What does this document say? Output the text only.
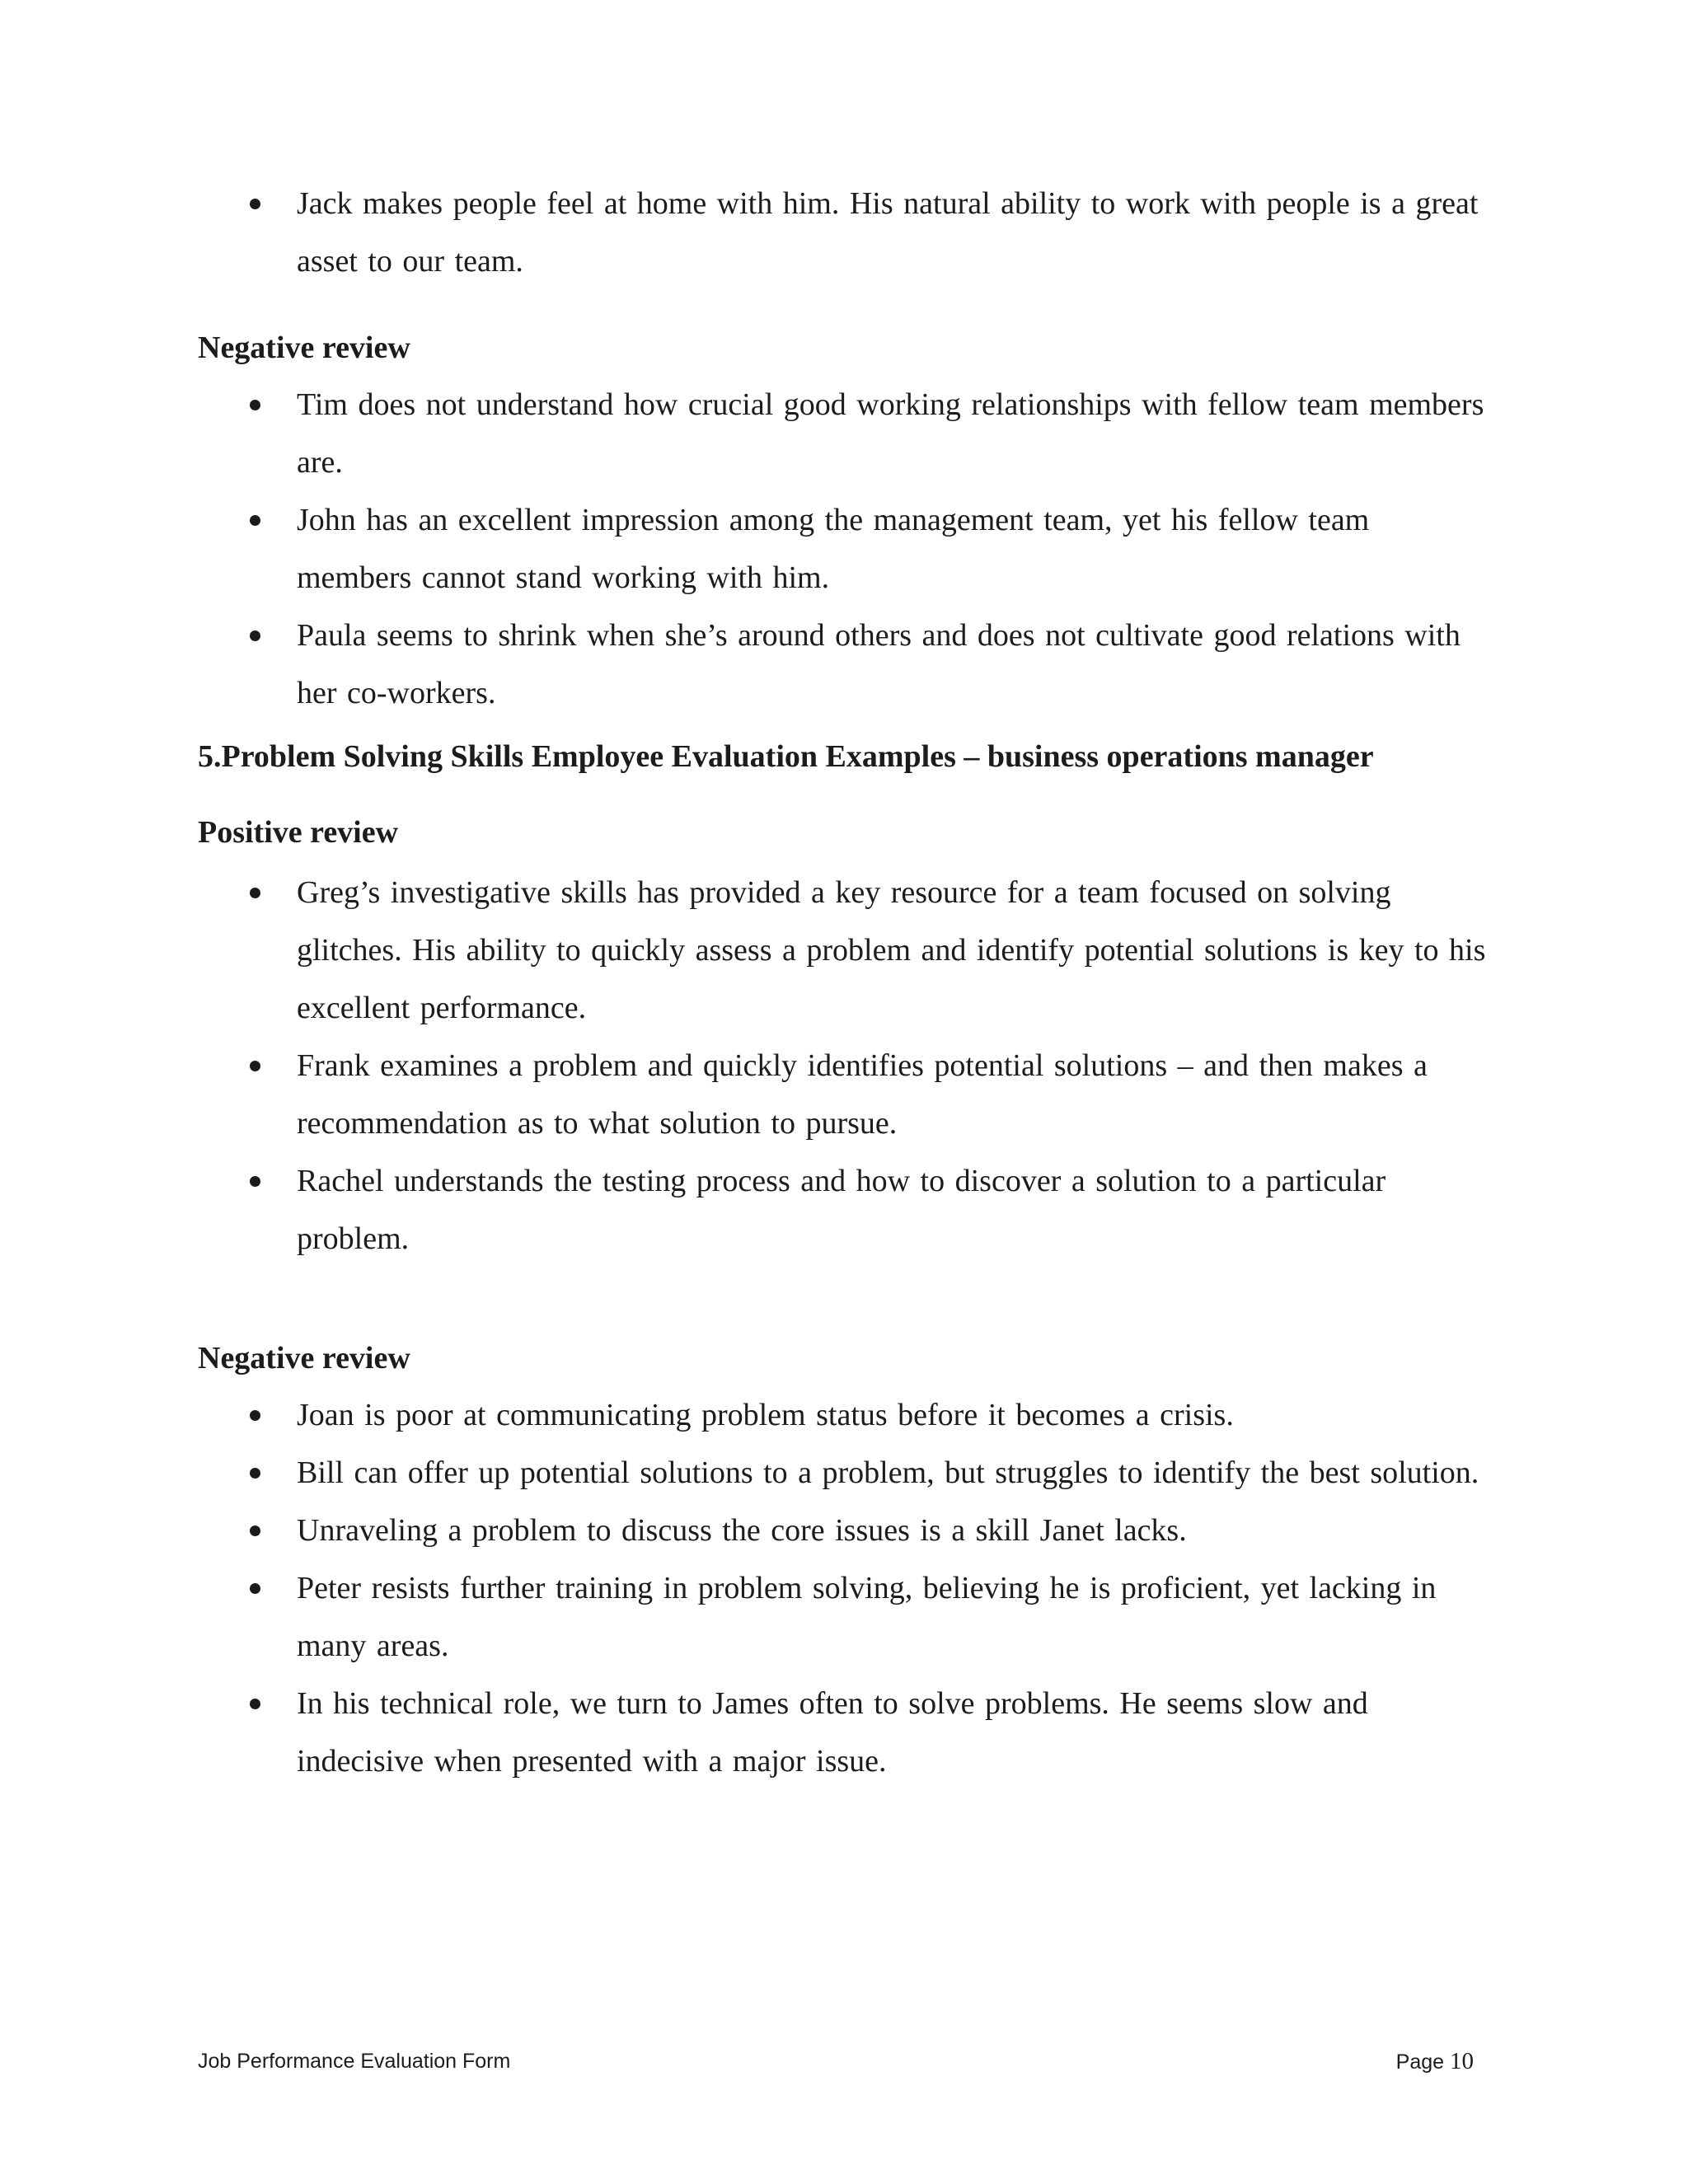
Jack makes people feel at home with him. His natural ability to work with people is a great asset to our team.
Negative review
Tim does not understand how crucial good working relationships with fellow team members are.
John has an excellent impression among the management team, yet his fellow team members cannot stand working with him.
Paula seems to shrink when she’s around others and does not cultivate good relations with her co-workers.
5.Problem Solving Skills Employee Evaluation Examples – business operations manager
Positive review
Greg’s investigative skills has provided a key resource for a team focused on solving glitches. His ability to quickly assess a problem and identify potential solutions is key to his excellent performance.
Frank examines a problem and quickly identifies potential solutions – and then makes a recommendation as to what solution to pursue.
Rachel understands the testing process and how to discover a solution to a particular problem.
Negative review
Joan is poor at communicating problem status before it becomes a crisis.
Bill can offer up potential solutions to a problem, but struggles to identify the best solution.
Unraveling a problem to discuss the core issues is a skill Janet lacks.
Peter resists further training in problem solving, believing he is proficient, yet lacking in many areas.
In his technical role, we turn to James often to solve problems. He seems slow and indecisive when presented with a major issue.
Job Performance Evaluation Form	Page 10
